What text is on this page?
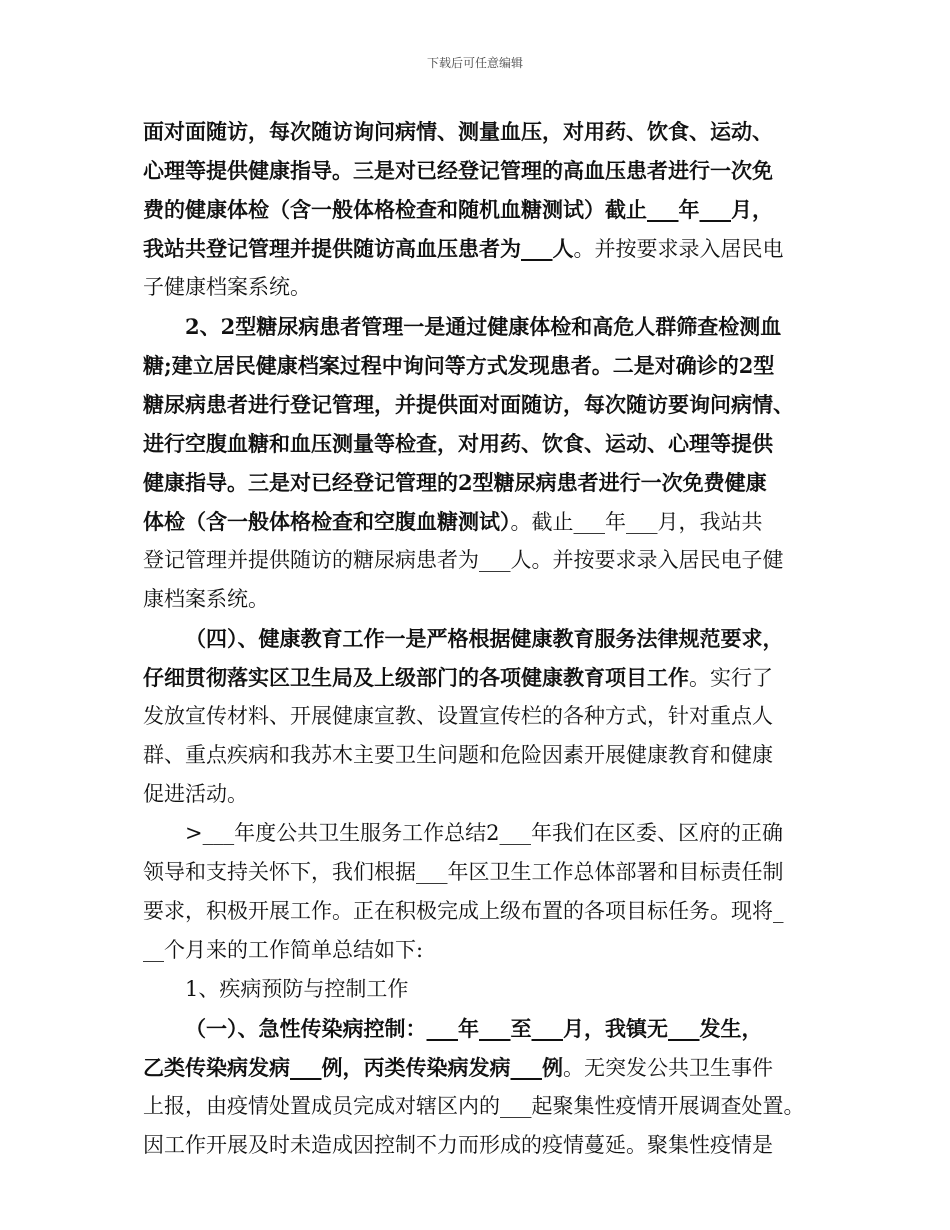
下载后可任意编辑
面对面随访，每次随访询问病情、测量血压，对用药、饮食、运动、
心理等提供健康指导。三是对已经登记管理的高血压患者进行一次免
费的健康体检（含一般体格检查和随机血糖测试）截止___年___月，
我站共登记管理并提供随访高血压患者为___人。并按要求录入居民电
子健康档案系统。
2、2型糖尿病患者管理一是通过健康体检和高危人群筛查检测血
糖;建立居民健康档案过程中询问等方式发现患者。二是对确诊的2型
糖尿病患者进行登记管理，并提供面对面随访，每次随访要询问病情、
进行空腹血糖和血压测量等检查，对用药、饮食、运动、心理等提供
健康指导。三是对已经登记管理的2型糖尿病患者进行一次免费健康
体检（含一般体格检查和空腹血糖测试）。截止___年___月，我站共
登记管理并提供随访的糖尿病患者为___人。并按要求录入居民电子健
康档案系统。
（四）、健康教育工作一是严格根据健康教育服务法律规范要求，
仔细贯彻落实区卫生局及上级部门的各项健康教育项目工作。实行了
发放宣传材料、开展健康宣教、设置宣传栏的各种方式，针对重点人
群、重点疾病和我苏木主要卫生问题和危险因素开展健康教育和健康
促进活动。
>___年度公共卫生服务工作总结2___年我们在区委、区府的正确
领导和支持关怀下，我们根据___年区卫生工作总体部署和目标责任制
要求，积极开展工作。正在积极完成上级布置的各项目标任务。现将_
__个月来的工作简单总结如下:
1、疾病预防与控制工作
（一）、急性传染病控制：___年___至___月，我镇无___发生，
乙类传染病发病___例，丙类传染病发病___例。无突发公共卫生事件
上报，由疫情处置成员完成对辖区内的___起聚集性疫情开展调查处置。
因工作开展及时未造成因控制不力而形成的疫情蔓延。聚集性疫情是
